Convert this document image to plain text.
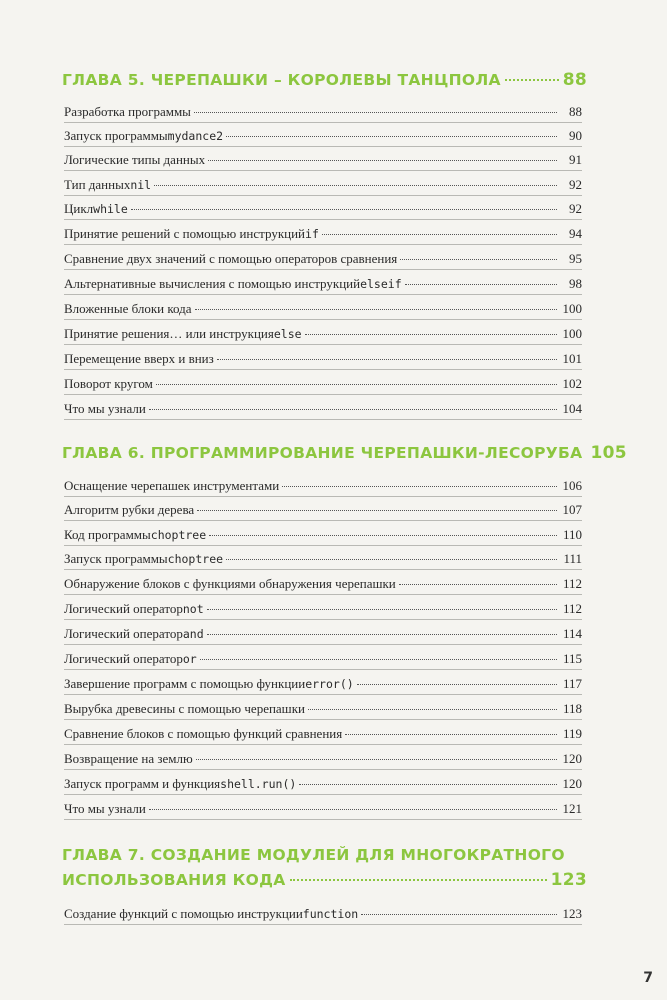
ГЛАВА 5. ЧЕРЕПАШКИ – КОРОЛЕВЫ ТАНЦПОЛА	88
Разработка программы	88
Запуск программы mydance2	90
Логические типы данных	91
Тип данных nil	92
Цикл while	92
Принятие решений с помощью инструкций if	94
Сравнение двух значений с помощью операторов сравнения	95
Альтернативные вычисления с помощью инструкций elseif	98
Вложенные блоки кода	100
Принятие решения… или инструкция else	100
Перемещение вверх и вниз	101
Поворот кругом	102
Что мы узнали	104
ГЛАВА 6. ПРОГРАММИРОВАНИЕ ЧЕРЕПАШКИ-ЛЕСОРУБА 105
Оснащение черепашек инструментами	106
Алгоритм рубки дерева	107
Код программы choptree	110
Запуск программы choptree	111
Обнаружение блоков с функциями обнаружения черепашки	112
Логический оператор not	112
Логический оператор and	114
Логический оператор or	115
Завершение программ с помощью функции error()	117
Вырубка древесины с помощью черепашки	118
Сравнение блоков с помощью функций сравнения	119
Возвращение на землю	120
Запуск программ и функция shell.run()	120
Что мы узнали	121
ГЛАВА 7. СОЗДАНИЕ МОДУЛЕЙ ДЛЯ МНОГОКРАТНОГО
ИСПОЛЬЗОВАНИЯ КОДА	123
Создание функций с помощью инструкции function	123
7
